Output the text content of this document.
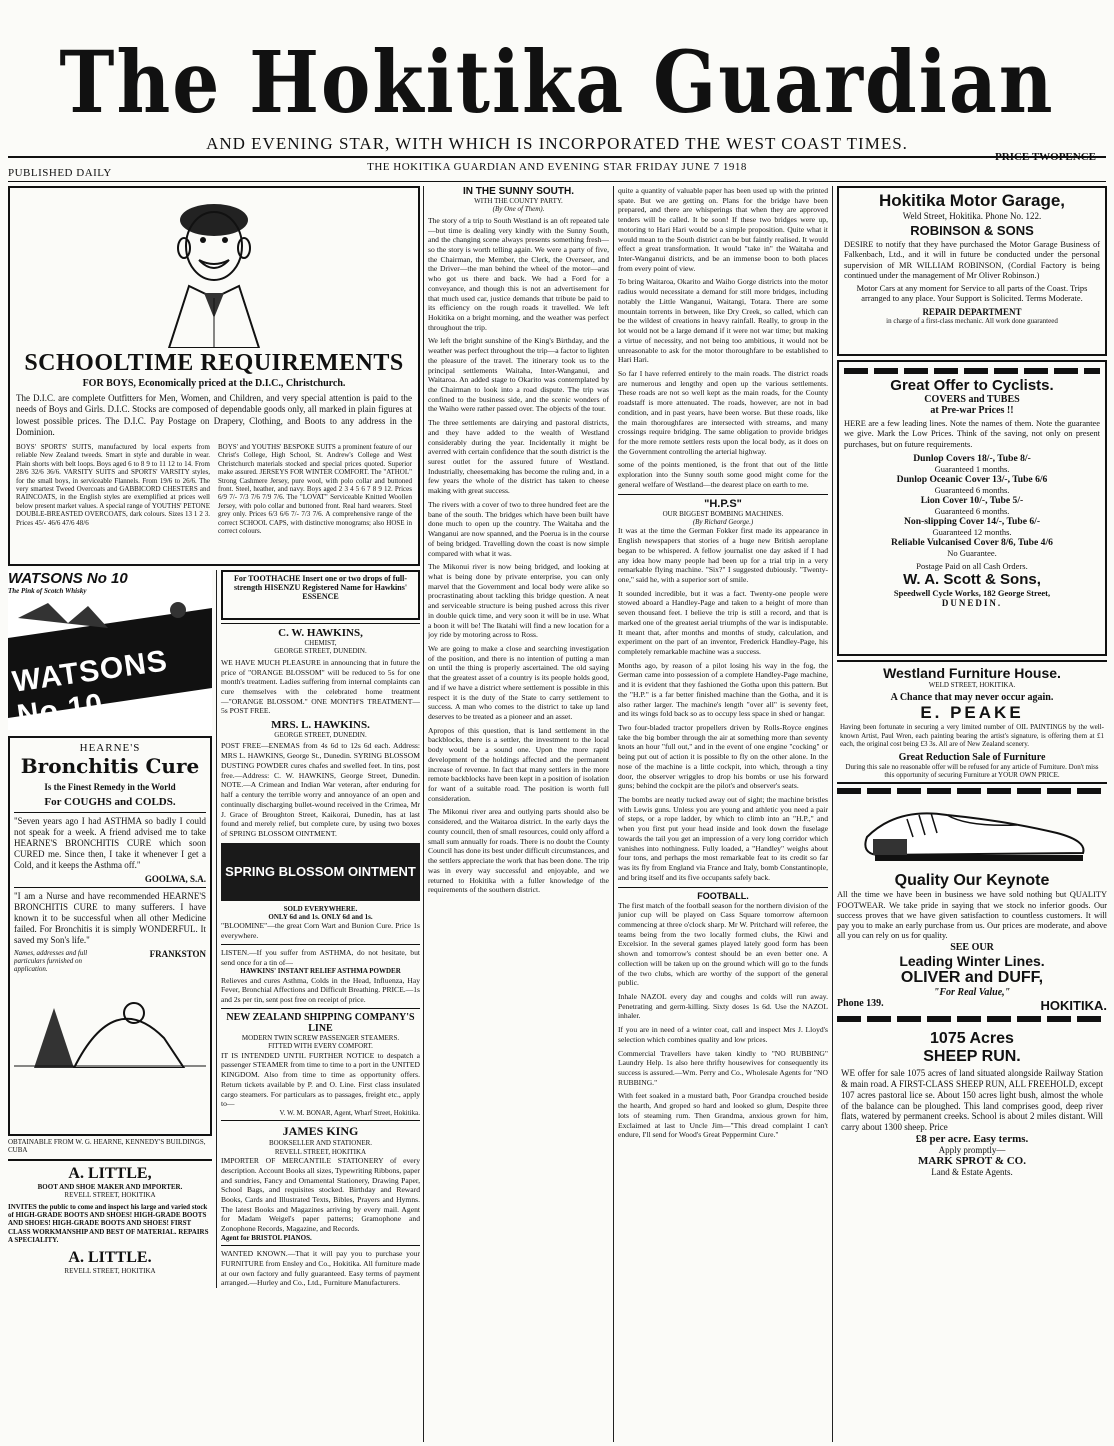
The Hokitika Guardian
AND EVENING STAR, WITH WHICH IS INCORPORATED THE WEST COAST TIMES.
PUBLISHED DAILY	THE HOKITIKA GUARDIAN AND EVENING STAR FRIDAY JUNE 7 1918
PRICE TWOPENCE
SCHOOLTIME REQUIREMENTS
FOR BOYS, Economically priced at the D.I.C., Christchurch.
The D.I.C. are complete Outfitters for Men, Women, and Children, and very special attention is paid to the needs of Boys and Girls. D.I.C. Stocks are composed of dependable goods only, all marked in plain figures at lowest possible prices. The D.I.C. Pay Postage on Drapery, Clothing, and Boots to any address in the Dominion.
BOYS' SPORTS' SUITS, manufactured by local experts from reliable New Zealand tweeds. Smart in style and durable in wear. Plain shorts with belt loops. Boys aged 6 to 8 9 to 11 12 to 14. From 28/6 32/6 36/6. VARSITY SUITS and SPORTS' VARSITY styles, for the small boys, in serviceable Flannels. From 19/6 to 26/6. The very smartest Tweed Overcoats and GABBICORD CHESTERS and RAINCOATS, in the English styles are exemplified at prices well below present market values. A special range of YOUTHS' PETONE DOUBLE-BREASTED OVERCOATS, dark colours. Sizes 13 1 2 3. Prices 45/- 46/6 47/6 48/6
BOYS' and YOUTHS' BESPOKE SUITS a prominent feature of our Christ's College, High School, St. Andrew's College and West Christchurch materials stocked and special prices quoted. Superior make assured. JERSEYS FOR WINTER COMFORT. The "ATHOL" Strong Cashmere Jersey, pure wool, with polo collar and buttoned front. Steel, heather, and navy. Boys aged 2 3 4 5 6 7 8 9 12. Prices 6/9 7/- 7/3 7/6 7/9 7/6. The "LOVAT" Serviceable Knitted Woollen Jersey, with polo collar and buttoned front. Real hard wearers. Steel grey only. Prices 6/3 6/6 7/- 7/3 7/6. A comprehensive range of the correct SCHOOL CAPS, with distinctive monograms; also HOSE in correct colours.
WATSONS No 10
The Pink of Scotch Whisky
WATSONS No 10
HEARNE'S
Bronchitis Cure
Is the Finest Remedy in the World
For COUGHS and COLDS.
"Seven years ago I had ASTHMA so badly I could not speak for a week. A friend advised me to take HEARNE'S BRONCHITIS CURE which soon CURED me. Since then, I take it whenever I get a Cold, and it keeps the Asthma off."
GOOLWA, S.A.
"I am a Nurse and have recommended HEARNE'S BRONCHITIS CURE to many sufferers. I have known it to be successful when all other Medicine failed. For Bronchitis it is simply WONDERFUL. It saved my Son's life."
Names, addresses and full particulars furnished on application.
FRANKSTON
OBTAINABLE FROM W. G. HEARNE, KENNEDY'S BUILDINGS, CUBA
A. LITTLE,
BOOT AND SHOE MAKER AND IMPORTER.
REVELL STREET, HOKITIKA
INVITES the public to come and inspect his large and varied stock of HIGH-GRADE BOOTS AND SHOES! HIGH-GRADE BOOTS AND SHOES! HIGH-GRADE BOOTS AND SHOES! FIRST CLASS WORKMANSHIP AND BEST OF MATERIAL. REPAIRS A SPECIALITY.
A. LITTLE.
REVELL STREET, HOKITIKA
For TOOTHACHE Insert one or two drops of full-strength HISENZU Registered Name for Hawkins' ESSENCE
C. W. HAWKINS,
CHEMIST,
GEORGE STREET, DUNEDIN.
WE HAVE MUCH PLEASURE in announcing that in future the price of "ORANGE BLOSSOM" will be reduced to 5s for one month's treatment. Ladies suffering from internal complaints can cure themselves with the celebrated home treatment—"ORANGE BLOSSOM." ONE MONTH'S TREATMENT—5s POST FREE.
MRS. L. HAWKINS.
GEORGE STREET, DUNEDIN.
POST FREE—ENEMAS from 4s 6d to 12s 6d each. Address: MRS L. HAWKINS, George St., Dunedin. SYRING BLOSSOM DUSTING POWDER cures chafes and swelled feet. In tins, post free.—Address: C. W. HAWKINS, George Street, Dunedin. NOTE.—A Crimean and Indian War veteran, after enduring for half a century the terrible worry and annoyance of an open and continually discharging bullet-wound received in the Crimea, Mr J. Grace of Broughton Street, Kaikorai, Dunedin, has at last found and merely relief, but complete cure, by using two boxes of SPRING BLOSSOM OINTMENT.
SPRING BLOSSOM OINTMENT
SOLD EVERYWHERE.
ONLY 6d and 1s. ONLY 6d and 1s.
"BLOOMINE"—the great Corn Wart and Bunion Cure. Price 1s everywhere.
LISTEN.—If you suffer from ASTHMA, do not hesitate, but send once for a tin of—
HAWKINS' INSTANT RELIEF ASTHMA POWDER
Relieves and cures Asthma, Colds in the Head, Influenza, Hay Fever, Bronchial Affections and Difficult Breathing. PRICE.—1s and 2s per tin, sent post free on receipt of price.
NEW ZEALAND SHIPPING COMPANY'S LINE
MODERN TWIN SCREW PASSENGER STEAMERS.
FITTED WITH EVERY COMFORT.
IT IS INTENDED UNTIL FURTHER NOTICE to despatch a passenger STEAMER from time to time to a port in the UNITED KINGDOM. Also from time to time as opportunity offers. Return tickets available by P. and O. Line. First class insulated cargo steamers. For particulars as to passages, freight etc., apply to—
V. W. M. BONAR, Agent, Wharf Street, Hokitika.
JAMES KING
BOOKSELLER AND STATIONER.
REVELL STREET, HOKITIKA
IMPORTER OF MERCANTILE STATIONERY of every description. Account Books all sizes, Typewriting Ribbons, paper and sundries, Fancy and Ornamental Stationery, Drawing Paper, School Bags, and requisites stocked. Birthday and Reward Books, Cards and Illustrated Texts, Bibles, Prayers and Hymns. The latest Books and Magazines arriving by every mail. Agent for Madam Weigel's paper patterns; Gramophone and Zonophone Records, Magazine, and Records.
Agent for BRISTOL PIANOS.
WANTED KNOWN.—That it will pay you to purchase your FURNITURE from Ensley and Co., Hokitika. All furniture made at our own factory and fully guaranteed. Easy terms of payment arranged.—Hurley and Co., Ltd., Furniture Manufacturers.
IN THE SUNNY SOUTH.
WITH THE COUNTY PARTY.
(By One of Them).
The story of a trip to South Westland is an oft repeated tale—but time is dealing very kindly with the Sunny South, and the changing scene always presents something fresh—so the story is worth telling again. We were a party of five, the Chairman, the Member, the Clerk, the Overseer, and the Driver—the man behind the wheel of the motor—and who got us there and back. We had a Ford for a conveyance, and though this is not an advertisement for that much used car, justice demands that tribute be paid to its efficiency on the rough roads it travelled. We left Hokitika on a bright morning, and the weather was perfect throughout the trip.
We left the bright sunshine of the King's Birthday, and the weather was perfect throughout the trip—a factor to lighten the pleasure of the travel. The itinerary took us to the principal settlements Waitaha, Inter-Wanganui, and Waitaroa. An added stage to Okarito was contemplated by the Chairman to look into a road dispute. The trip was confined to the business side, and the scenic wonders of the Waiho were rather passed over. The objects of the tour.
The three settlements are dairying and pastoral districts, and they have added to the wealth of Westland considerably during the year. Incidentally it might be averred with certain confidence that the south district is the surest outlet for the assured future of Westland. Industrially, cheesemaking has become the ruling and, in a few years the whole of the district has taken to cheese making with great success.
The rivers with a cover of two to three hundred feet are the bane of the south. The bridges which have been built have done much to open up the country. The Waitaha and the Wanganui are now spanned, and the Poerua is in the course of being bridged. Travelling down the coast is now simple compared with what it was.
The Mikonui river is now being bridged, and looking at what is being done by private enterprise, you can only marvel that the Government and local body were alike so procrastinating about tackling this bridge question. A neat and serviceable structure is being pushed across this river in double quick time, and very soon it will be in use. What a boon it will be! The Ikatahi will find a new location for a joy ride by motoring across to Ross.
We are going to make a close and searching investigation of the position, and there is no intention of putting a man on until the thing is properly ascertained. The old saying that the greatest asset of a country is its people holds good, and if we have a district where settlement is possible in this respect it is the duty of the State to carry settlement to success. A man who comes to the district to take up land deserves to be treated as a pioneer and an asset.
Apropos of this question, that is land settlement in the backblocks, there is a settler, the investment to the local body would be a sound one. Upon the more rapid development of the holdings affected and the permanent increase of revenue. In fact that many settlers in the more remote backblocks have been kept in a position of isolation for want of a suitable road. The position is worth full consideration.
The Mikonui river area and outlying parts should also be considered, and the Waitaroa district. In the early days the county council, then of small resources, could only afford a small sum annually for roads. There is no doubt the County Council has done its best under difficult circumstances, and the settlers appreciate the work that has been done. The trip was in every way successful and enjoyable, and we returned to Hokitika with a fuller knowledge of the requirements of the southern district.
quite a quantity of valuable paper has been used up with the printed spate. But we are getting on. Plans for the bridge have been prepared, and there are whisperings that when they are approved tenders will be called. It be soon! If these two bridges were up, motoring to Hari Hari would be a simple proposition. Quite what it would mean to the South district can be but faintly realised. It would effect a great transformation. It would "take in" the Waitaha and Inter-Wanganui districts, and be an immense boon to both places from every point of view.
To bring Waitaroa, Okarito and Waiho Gorge districts into the motor radius would necessitate a demand for still more bridges, including notably the Little Wanganui, Waitangi, Totara. There are some mountain torrents in between, like Dry Creek, so called, which can be the wildest of creations in heavy rainfall. Really, to group in the lot would not be a large demand if it were not war time; but making a virtue of necessity, and not being too ambitious, it would not be unreasonable to ask for the motor thoroughfare to be established to Hari Hari.
So far I have referred entirely to the main roads. The district roads are numerous and lengthy and open up the various settlements. These roads are not so well kept as the main roads, for the County roadstaff is more attenuated. The roads, however, are not in bad condition, and in past years, have been worse. But these roads, like the main thoroughfares are intersected with streams, and many crossings require bridging. The same obligation to provide bridges for the more remote settlers rests upon the local body, as it does on the Government controlling the arterial highway.
some of the points mentioned, is the front that out of the little exploration into the Sunny south some good might come for the general welfare of Westland—the dearest place on earth to me.
"H.P.S"
OUR BIGGEST BOMBING MACHINES.
(By Richard George.)
It was at the time the German Fokker first made its appearance in English newspapers that stories of a huge new British aeroplane began to be whispered. A fellow journalist one day asked if I had any idea how many people had been up for a trial trip in a very remarkable flying machine. "Six?" I suggested dubiously. "Twenty-one," said he, with a superior sort of smile.
It sounded incredible, but it was a fact. Twenty-one people were stowed aboard a Handley-Page and taken to a height of more than seven thousand feet. I believe the trip is still a record, and that is marked one of the greatest aerial triumphs of the war is indisputable. It meant that, after months and months of study, calculation, and experiment on the part of an inventor, Frederick Handley-Page, his completely remarkable machine was a success.
Months ago, by reason of a pilot losing his way in the fog, the German came into possession of a complete Handley-Page machine, and it is evident that they fashioned the Gotha upon this pattern. But the "H.P." is a far better finished machine than the Gotha, and it is also rather larger. The machine's length "over all" is seventy feet, and its wings fold back so as to occupy less space in shed or hangar.
Two four-bladed tractor propellers driven by Rolls-Royce engines take the big bomber through the air at something more than seventy knots an hour "full out," and in the event of one engine "cocking" or being put out of action it is possible to fly on the other alone. In the nose of the machine is a little cockpit, into which, through a tiny door, the observer wriggles to drop his bombs or use his forward guns; behind the cockpit are the pilot's and observer's seats.
The bombs are neatly tucked away out of sight; the machine bristles with Lewis guns. Unless you are young and athletic you need a pair of steps, or a rope ladder, by which to climb into an "H.P.," and when you first put your head inside and look down the fuselage towards the tail you get an impression of a very long corridor which vanishes into nothingness. Fully loaded, a "Handley" weighs about four tons, and perhaps the most remarkable feat to its credit so far was its fly from England via France and Italy, bomb Constantinople, and bring itself and its five occupants safely back.
FOOTBALL.
The first match of the football season for the northern division of the junior cup will be played on Cass Square tomorrow afternoon commencing at three o'clock sharp. Mr W. Pritchard will referee, the teams being from the two locally formed clubs, the Kiwi and Excelsior. In the several games played lately good form has been shown and tomorrow's contest should be an even better one. A collection will be taken up on the ground which will go to the funds of the two clubs, which are worthy of the support of the general public.
Inhale NAZOL every day and coughs and colds will run away. Penetrating and germ-killing. Sixty doses 1s 6d. Use the NAZOL inhaler.
If you are in need of a winter coat, call and inspect Mrs J. Lloyd's selection which combines quality and low prices.
Commercial Travellers have taken kindly to "NO RUBBING" Laundry Help. 1s also here thrifty housewives for consequently its success is assured.—Wm. Perry and Co., Wholesale Agents for "NO RUBBING."
With feet soaked in a mustard bath, Poor Grandpa crouched beside the hearth, And groped so hard and looked so glum, Despite three lots of steaming rum. Then Grandma, anxious grown for him, Exclaimed at last to Uncle Jim—"This dread complaint I can't endure, I'll send for Wood's Great Peppermint Cure."
Hokitika Motor Garage,
Weld Street, Hokitika. Phone No. 122.
ROBINSON & SONS
DESIRE to notify that they have purchased the Motor Garage Business of Falkenbach, Ltd., and it will in future be conducted under the personal supervision of MR WILLIAM ROBINSON, (Cordial Factory is being continued under the management of Mr Oliver Robinson.)
Motor Cars at any moment for Service to all parts of the Coast. Trips arranged to any place. Your Support is Solicited. Terms Moderate.
REPAIR DEPARTMENT
in charge of a first-class mechanic. All work done guaranteed
Great Offer to Cyclists.
COVERS and TUBES
at Pre-war Prices !!
HERE are a few leading lines. Note the names of them. Note the guarantee we give. Mark the Low Prices. Think of the saving, not only on present purchases, but on future requirements.
Dunlop Covers 18/-, Tube 8/-
Guaranteed 1 months.
Dunlop Oceanic Cover 13/-, Tube 6/6
Guaranteed 6 months.
Lion Cover 10/-, Tube 5/-
Guaranteed 6 months.
Non-slipping Cover 14/-, Tube 6/-
Guaranteed 12 months.
Reliable Vulcanised Cover 8/6, Tube 4/6
No Guarantee.
Postage Paid on all Cash Orders.
W. A. Scott & Sons,
Speedwell Cycle Works, 182 George Street,
DUNEDIN.
Westland Furniture House.
WELD STREET, HOKITIKA.
A Chance that may never occur again.
E. PEAKE
Having been fortunate in securing a very limited number of OIL PAINTINGS by the well-known Artist, Paul Wren, each painting bearing the artist's signature, is offering them at £1 each, the original cost being £3 3s. All are of New Zealand scenery.
Great Reduction Sale of Furniture
During this sale no reasonable offer will be refused for any article of Furniture. Don't miss this opportunity of securing Furniture at YOUR OWN PRICE.
Quality Our Keynote
All the time we have been in business we have sold nothing but QUALITY FOOTWEAR. We take pride in saying that we stock no inferior goods. Our success proves that we have given satisfaction to countless customers. It will pay you to make an early purchase from us. Our prices are moderate, and above all you can rely on us for quality.
SEE OUR
Leading Winter Lines.
OLIVER and DUFF,
"For Real Value,"
Phone 139.	HOKITIKA.
1075 Acres
SHEEP RUN.
WE offer for sale 1075 acres of land situated alongside Railway Station & main road. A FIRST-CLASS SHEEP RUN, ALL FREEHOLD, except 107 acres pastoral lice se. About 150 acres light bush, almost the whole of the balance can be ploughed. This land comprises good, deep river flats, watered by permanent creeks. School is about 2 miles distant. Will carry about 1300 sheep. Price
£8 per acre. Easy terms.
Apply promptly—
MARK SPROT & CO.
Land & Estate Agents.
